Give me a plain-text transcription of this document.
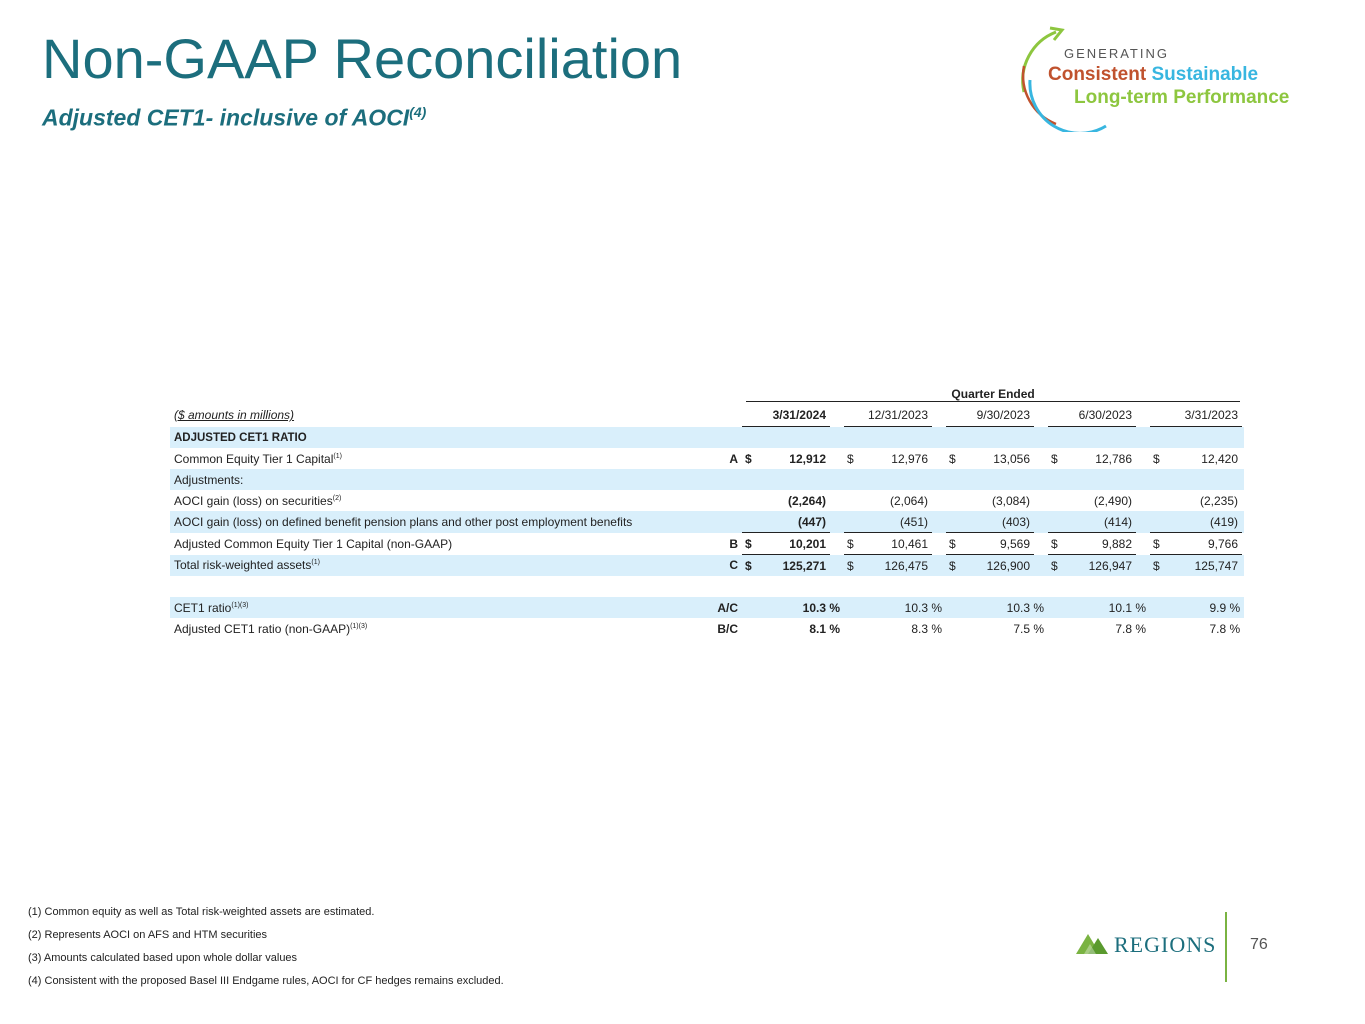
Non-GAAP Reconciliation
Adjusted CET1- inclusive of AOCI$^{(4)}$
GENERATING
Consistent Sustainable
Long-term Performance

		Quarter Ended														

($ amounts in millions)		3/31/2024			12/31/2023			9/30/2023			6/30/2023			3/31/2023		
ADJUSTED CET1 RATIO																
Common Equity Tier 1 Capital$^{(1)}$	A	$	12,912		$	12,976		$	13,056		$	12,786		$	12,420	
Adjustments:																
AOCI gain (loss) on securities$^{(2)}$			(2,264)			(2,064)			(3,084)			(2,490)			(2,235)	
AOCI gain (loss) on defined benefit pension plans and other post employment benefits			(447)			(451)			(403)			(414)			(419)	
Adjusted Common Equity Tier 1 Capital (non-GAAP)	B	$	10,201		$	10,461		$	9,569		$	9,882		$	9,766	
Total risk-weighted assets$^{(1)}$	C	$	125,271		$	126,475		$	126,900		$	126,947		$	125,747	

CET1 ratio$^{(1)(3)}$	A/C	10.3 %			10.3 %			10.3 %			10.1 %			9.9 %		
Adjusted CET1 ratio (non-GAAP)$^{(1)(3)}$	B/C	8.1 %			8.3 %			7.5 %			7.8 %			7.8 %		
(1) Common equity as well as Total risk-weighted assets are estimated.
(2) Represents AOCI on AFS and HTM securities
(3) Amounts calculated based upon whole dollar values
(4) Consistent with the proposed Basel III Endgame rules, AOCI for CF hedges remains excluded.
REGIONS 76
